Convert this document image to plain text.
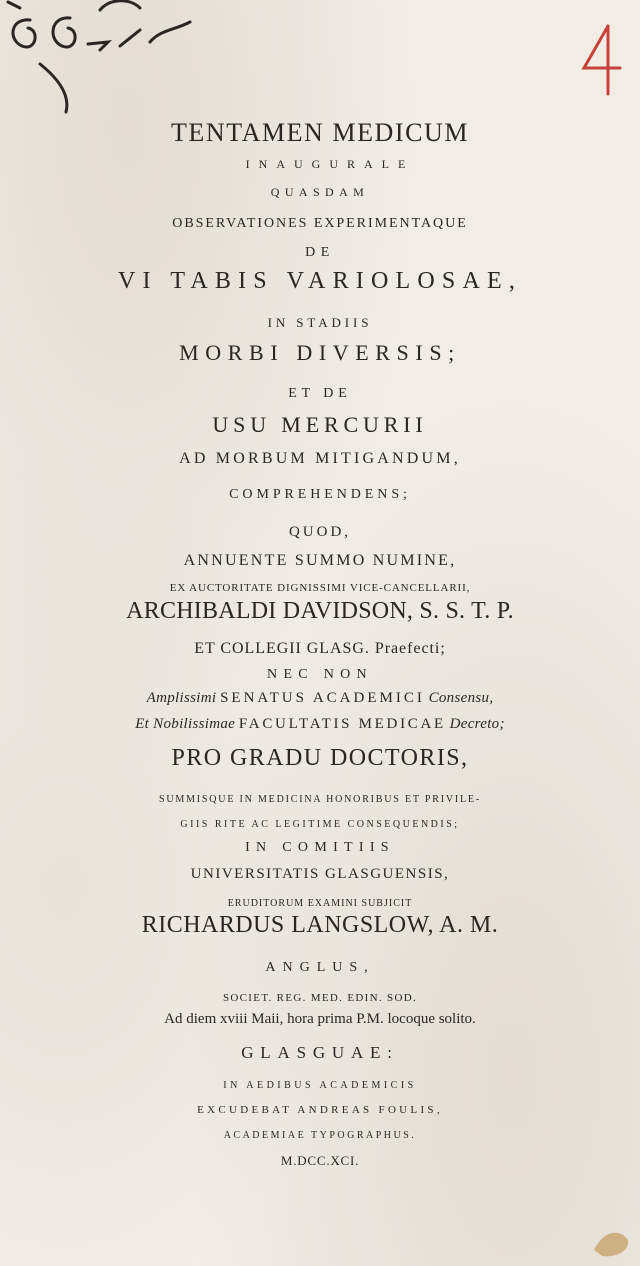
TENTAMEN MEDICUM
INAUGURALE
QUASDAM
OBSERVATIONES EXPERIMENTAQUE
DE
VI TABIS VARIOLOSAE,
IN STADIIS
MORBI DIVERSIS;
ET DE
USU MERCURII
AD MORBUM MITIGANDUM,
COMPREHENDENS;
QUOD,
ANNUENTE SUMMO NUMINE,
EX AUCTORITATE DIGNISSIMI VICE-CANCELLARII,
ARCHIBALDI DAVIDSON, S. S. T. P.
ET COLLEGII GLASG. Praefecti;
NEC NON
Amplissimi SENATUS ACADEMICI Consensu,
Et Nobilissimae FACULTATIS MEDICAE Decreto;
PRO GRADU DOCTORIS,
SUMMISQUE IN MEDICINA HONORIBUS ET PRIVILE-
GIIS RITE AC LEGITIME CONSEQUENDIS;
IN COMITIIS
UNIVERSITATIS GLASGUENSIS,
ERUDITORUM EXAMINI SUBJICIT
RICHARDUS LANGSLOW, A. M.
ANGLUS,
SOCIET. REG. MED. EDIN. SOD.
Ad diem xviii Maii, hora prima P.M. locoque solito.
GLASGUAE:
IN AEDIBUS ACADEMICIS
EXCUDEBAT ANDREAS FOULIS,
ACADEMIAE TYPOGRAPHUS.
M.DCC.XCI.
